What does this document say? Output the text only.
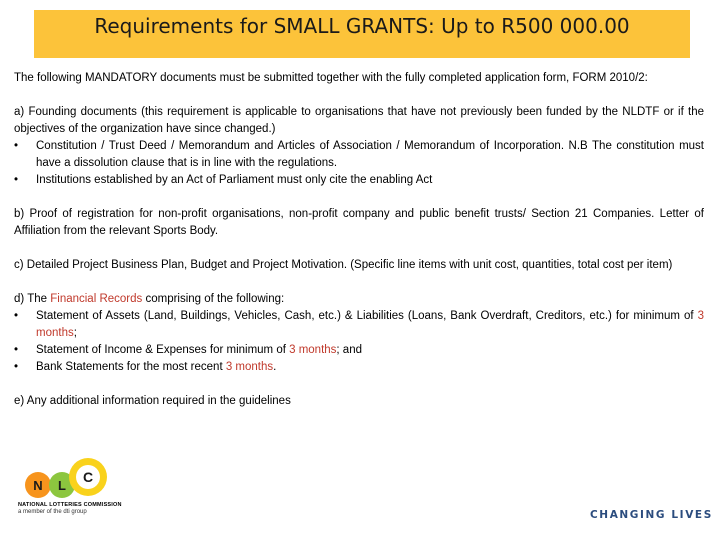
Requirements for SMALL GRANTS: Up to R500 000.00

The following MANDATORY documents must be submitted together with the fully completed application form, FORM 2010/2:

a) Founding documents (this requirement is applicable to organisations that have not previously been funded by the NLDTF or if the objectives of the organization have since changed.)

•	Constitution / Trust Deed / Memorandum and Articles of Association / Memorandum of Incorporation. N.B The constitution must have a dissolution clause that is in line with the regulations.
•	Institutions established by an Act of Parliament must only cite the enabling Act

b) Proof of registration for non-profit organisations, non-profit company and public benefit trusts/ Section 21 Companies. Letter of Affiliation from the relevant Sports Body.

c) Detailed Project Business Plan, Budget and Project Motivation. (Specific line items with unit cost, quantities, total cost per item)

d) The Financial Records comprising of the following:

•	Statement of Assets (Land, Buildings, Vehicles, Cash, etc.) & Liabilities (Loans, Bank Overdraft, Creditors, etc.) for minimum of 3 months;
•	Statement of Income & Expenses for minimum of 3 months; and
•	Bank Statements for the most recent 3 months.

e) Any additional information required in the guidelines

N L
C
NATIONAL LOTTERIES COMMISSION
a member of the dti group	CHANGING LIVES
